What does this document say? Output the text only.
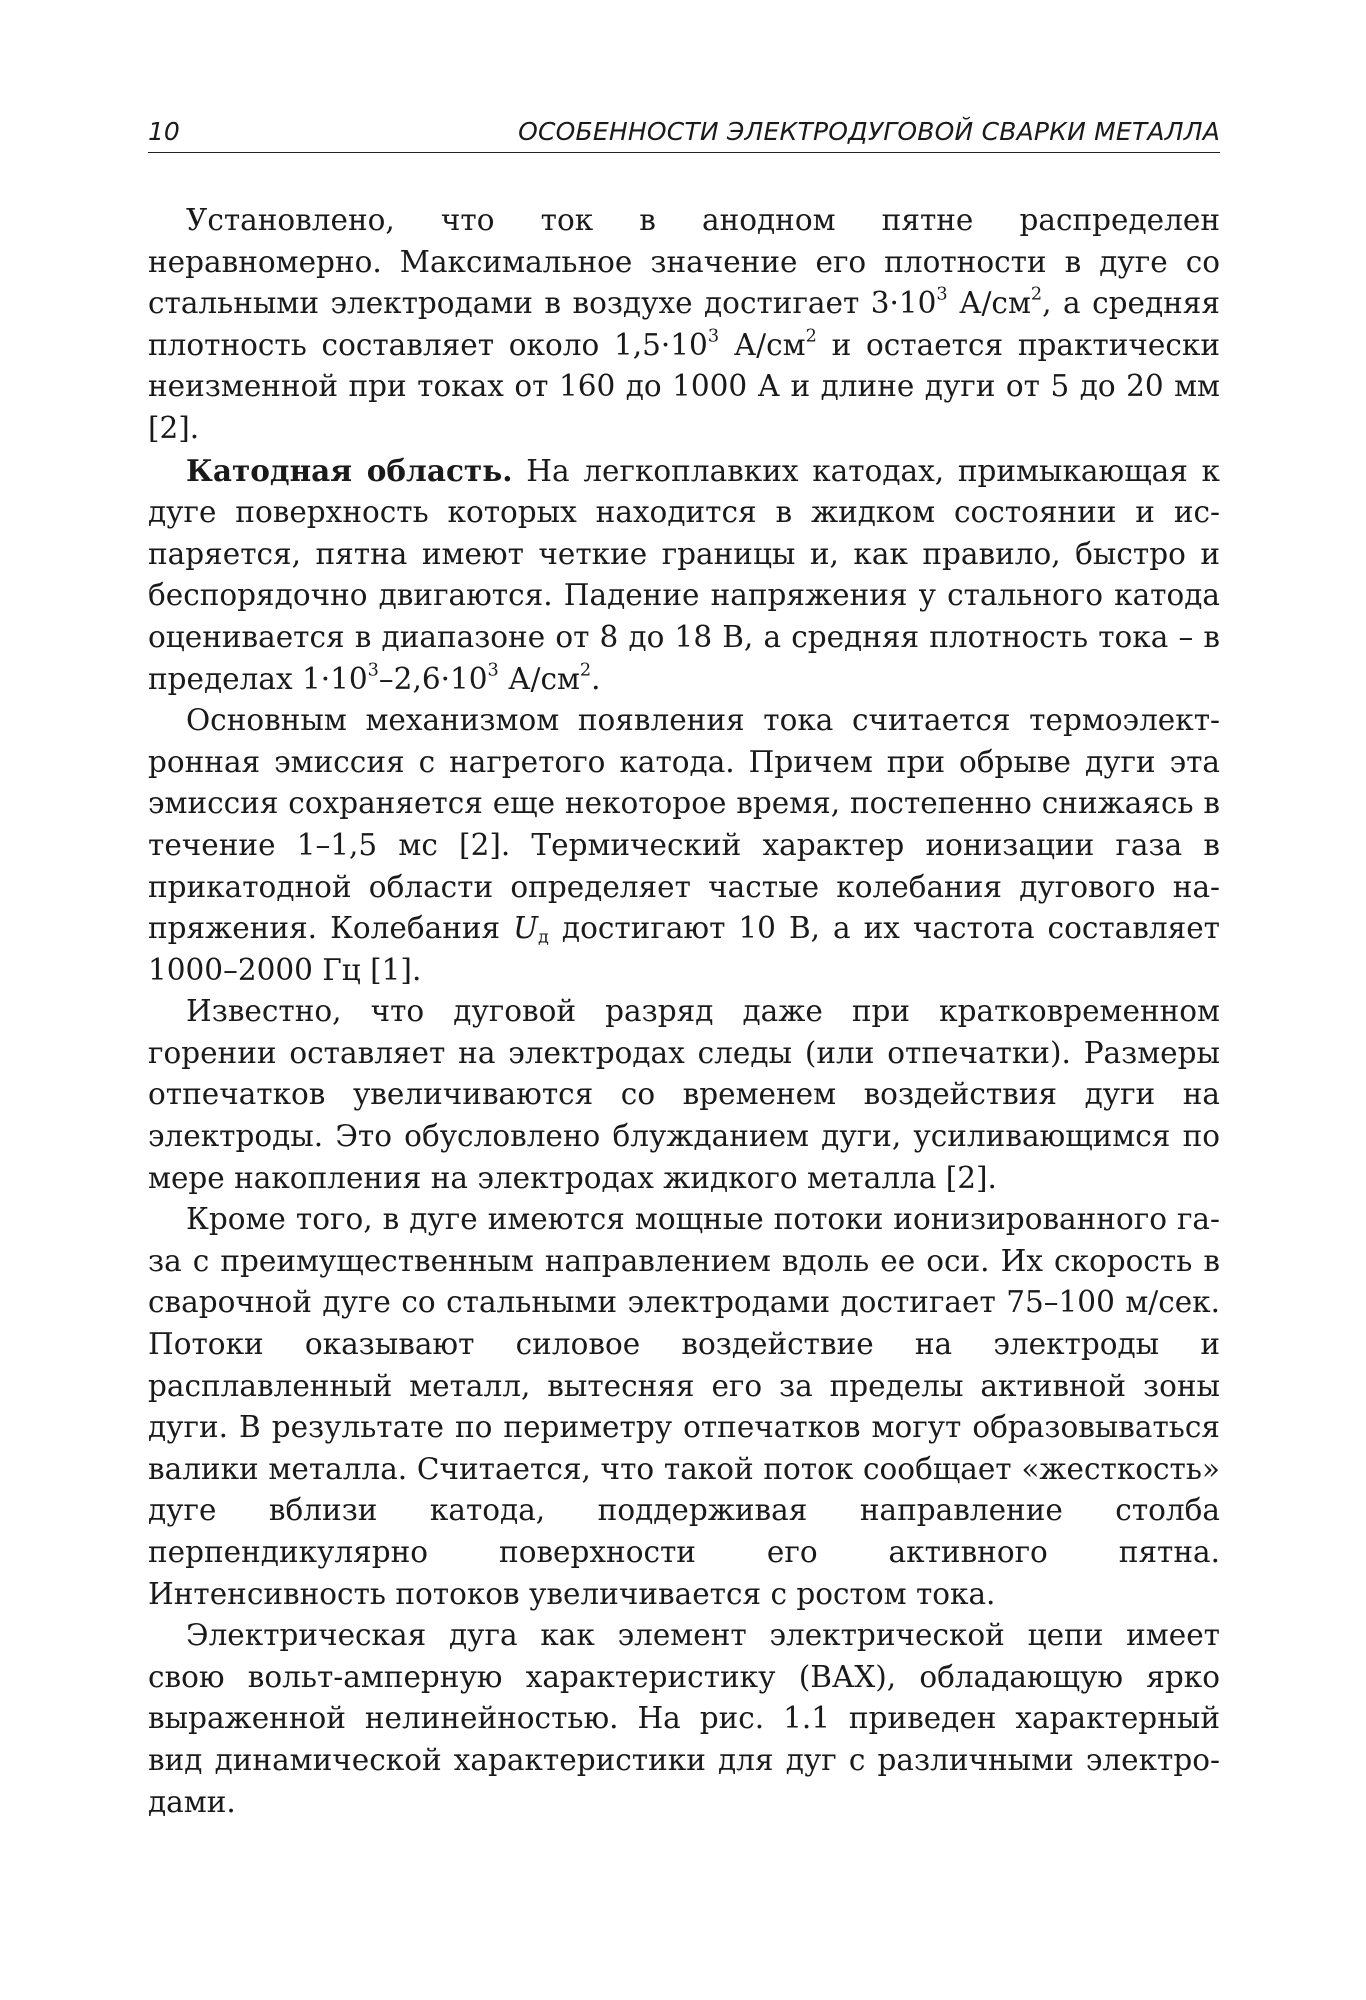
10	ОСОБЕННОСТИ ЭЛЕКТРОДУГОВОЙ СВАРКИ МЕТАЛЛА

Установлено, что ток в анодном пятне распределен неравномерно. Максимальное значение его плотности в дуге со стальными электродами в воздухе достигает $3\cdot 10^3$ $А/см^2$, а средняя плотность составляет около $1,5\cdot 10^3$ $А/см^2$ и остается практически неизменной при токах от 160 до 1000 А и длине дуги от 5 до 20 мм [2].

Катодная область. На легкоплавких катодах, примыкающая к дуге поверхность которых находится в жидком состоянии и испаряется, пятна имеют четкие границы и, как правило, быстро и беспорядочно двигаются. Падение напряжения у стального катода оценивается в диапазоне от 8 до 18 В, а средняя плотность тока – в пределах $1\cdot 10^3-2,6\cdot 10^3$ $А/см^2$.

Основным механизмом появления тока считается термоэлектронная эмиссия с нагретого катода. Причем при обрыве дуги эта эмиссия сохраняется еще некоторое время, постепенно снижаясь в течение 1–1,5 мс [2]. Термический характер ионизации газа в прикатодной области определяет частые колебания дугового напряжения. Колебания $U_д$ достигают 10 В, а их частота составляет 1000–2000 Гц [1].

Известно, что дуговой разряд даже при кратковременном горении оставляет на электродах следы (или отпечатки). Размеры отпечатков увеличиваются со временем воздействия дуги на электроды. Это обусловлено блужданием дуги, усиливающимся по мере накопления на электродах жидкого металла [2].

Кроме того, в дуге имеются мощные потоки ионизированного газа с преимущественным направлением вдоль ее оси. Их скорость в сварочной дуге со стальными электродами достигает 75–100 м/сек. Потоки оказывают силовое воздействие на электроды и расплавленный металл, вытесняя его за пределы активной зоны дуги. В результате по периметру отпечатков могут образовываться валики металла. Считается, что такой поток сообщает «жесткость» дуге вблизи катода, поддерживая направление столба перпендикулярно поверхности его активного пятна. Интенсивность потоков увеличивается с ростом тока.

Электрическая дуга как элемент электрической цепи имеет свою вольт-амперную характеристику (ВАХ), обладающую ярко выраженной нелинейностью. На рис. 1.1 приведен характерный вид динамической характеристики для дуг с различными электродами.
